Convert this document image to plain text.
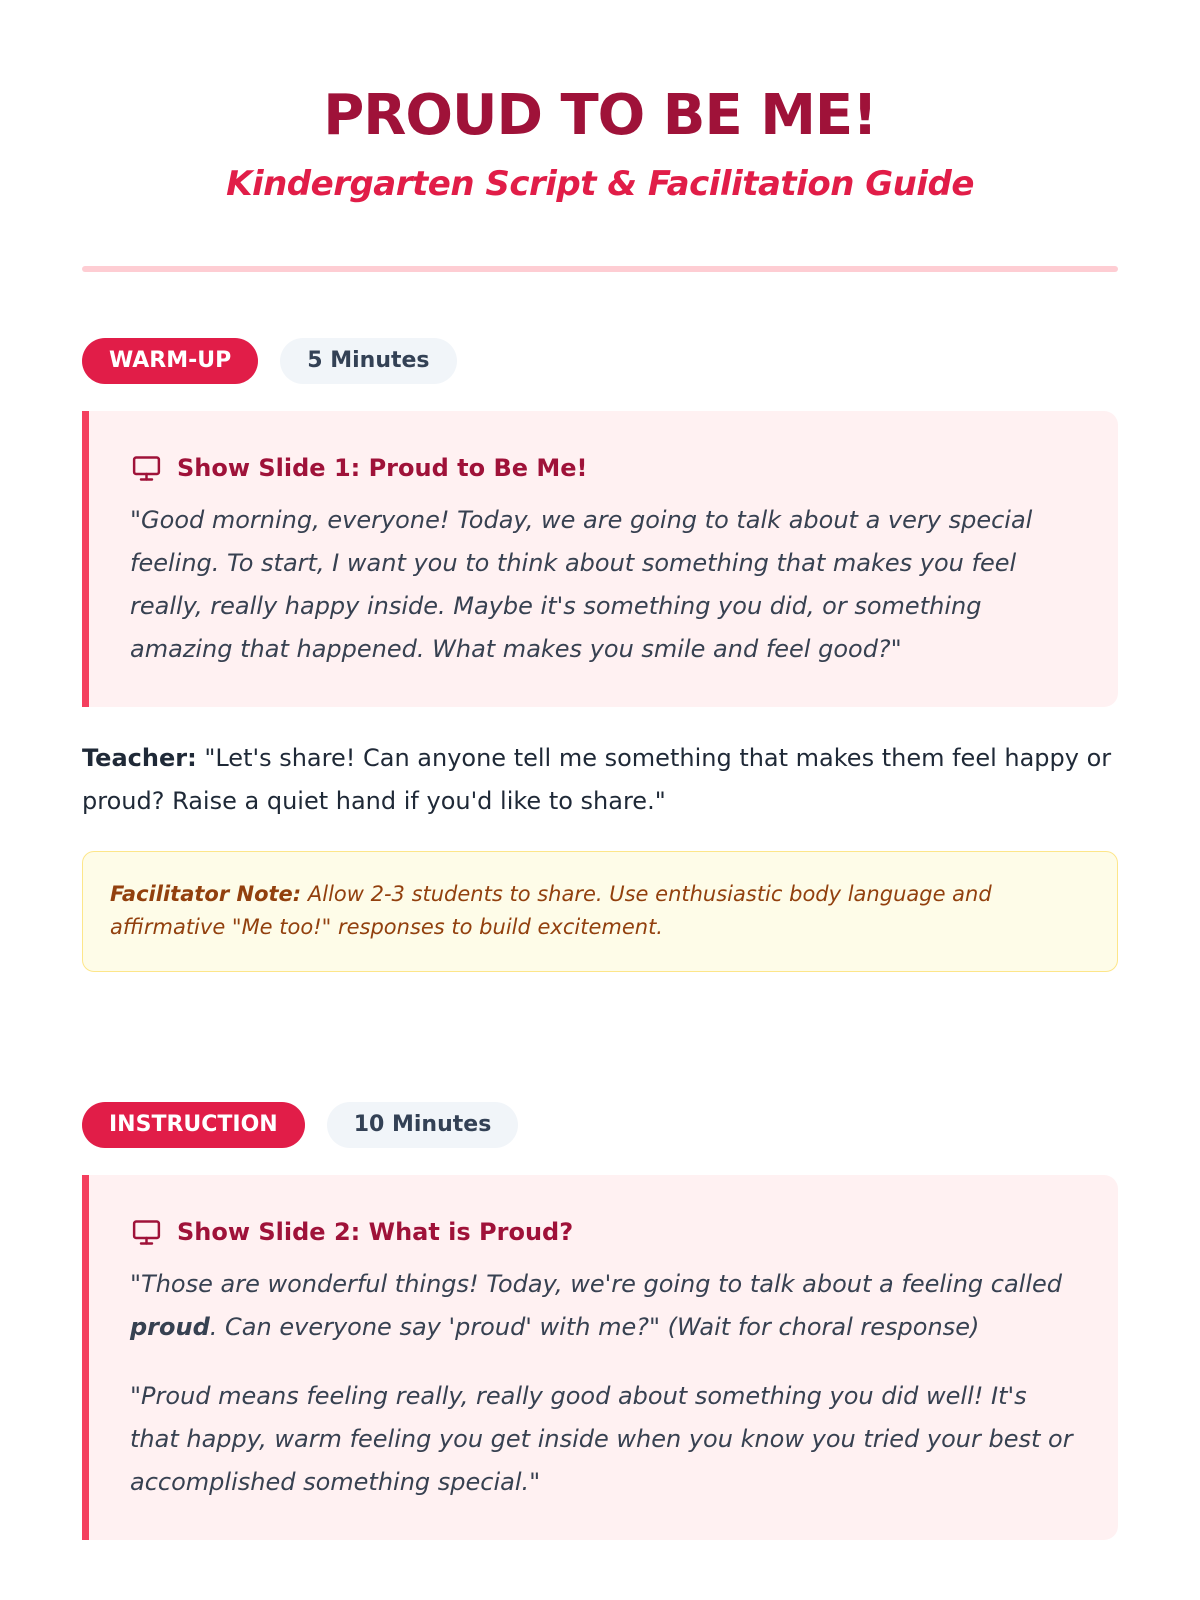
PROUD TO BE ME!
Kindergarten Script & Facilitation Guide
WARM-UP	5 Minutes
Show Slide 1: Proud to Be Me!

"Good morning, everyone! Today, we are going to talk about a very special feeling. To start, I want you to think about something that makes you feel really, really happy inside. Maybe it's something you did, or something amazing that happened. What makes you smile and feel good?"

Teacher: "Let's share! Can anyone tell me something that makes them feel happy or proud? Raise a quiet hand if you'd like to share."

Facilitator Note: Allow 2-3 students to share. Use enthusiastic body language and affirmative "Me too!" responses to build excitement.
INSTRUCTION	10 Minutes
Show Slide 2: What is Proud?

"Those are wonderful things! Today, we're going to talk about a feeling called proud. Can everyone say 'proud' with me?" (Wait for choral response)

"Proud means feeling really, really good about something you did well! It's that happy, warm feeling you get inside when you know you tried your best or accomplished something special."
